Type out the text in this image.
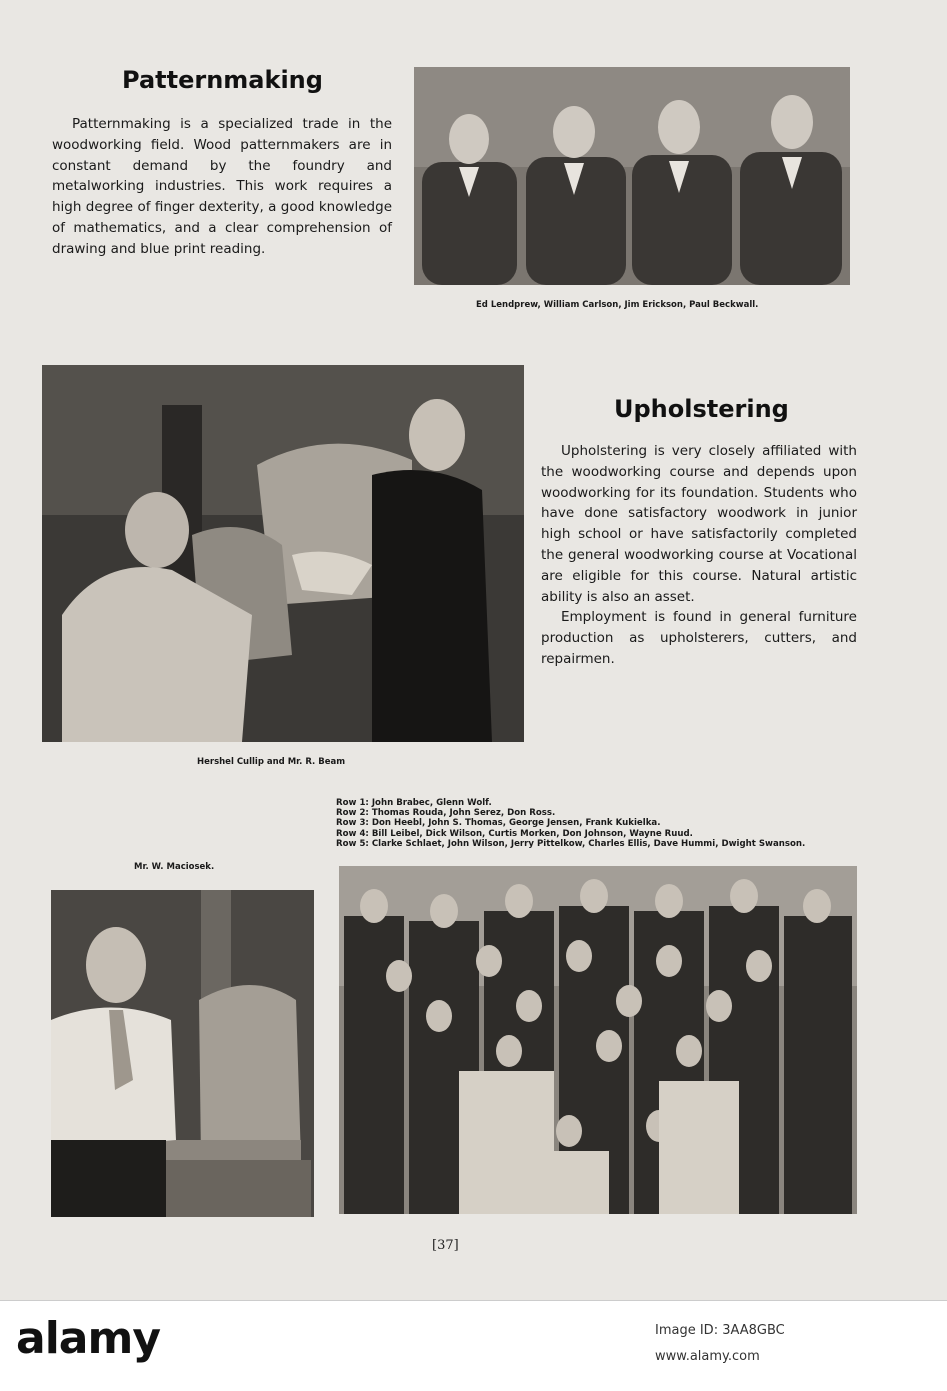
Patternmaking

Patternmaking is a specialized trade in the woodworking field. Wood patternmakers are in constant demand by the foundry and metalworking industries. This work requires a high degree of finger dexterity, a good knowledge of mathematics, and a clear comprehension of drawing and blue print reading.

Ed Lendprew, William Carlson, Jim Erickson, Paul Beckwall.
Hershel Cullip and Mr. R. Beam
Upholstering

Upholstering is very closely affiliated with the woodworking course and depends upon woodworking for its foundation. Students who have done satisfactory woodwork in junior high school or have satisfactorily completed the general woodworking course at Vocational are eligible for this course. Natural artistic ability is also an asset.

Employment is found in general furniture production as upholsterers, cutters, and repairmen.

Row 1: John Brabec, Glenn Wolf.
Row 2: Thomas Rouda, John Serez, Don Ross.
Row 3: Don Heebl, John S. Thomas, George Jensen, Frank Kukielka.
Row 4: Bill Leibel, Dick Wilson, Curtis Morken, Don Johnson, Wayne Ruud.
Row 5: Clarke Schlaet, John Wilson, Jerry Pittelkow, Charles Ellis, Dave Hummi, Dwight Swanson.
Mr. W. Maciosek.
[37]
alamy	Image ID: 3AA8GBC
www.alamy.com
